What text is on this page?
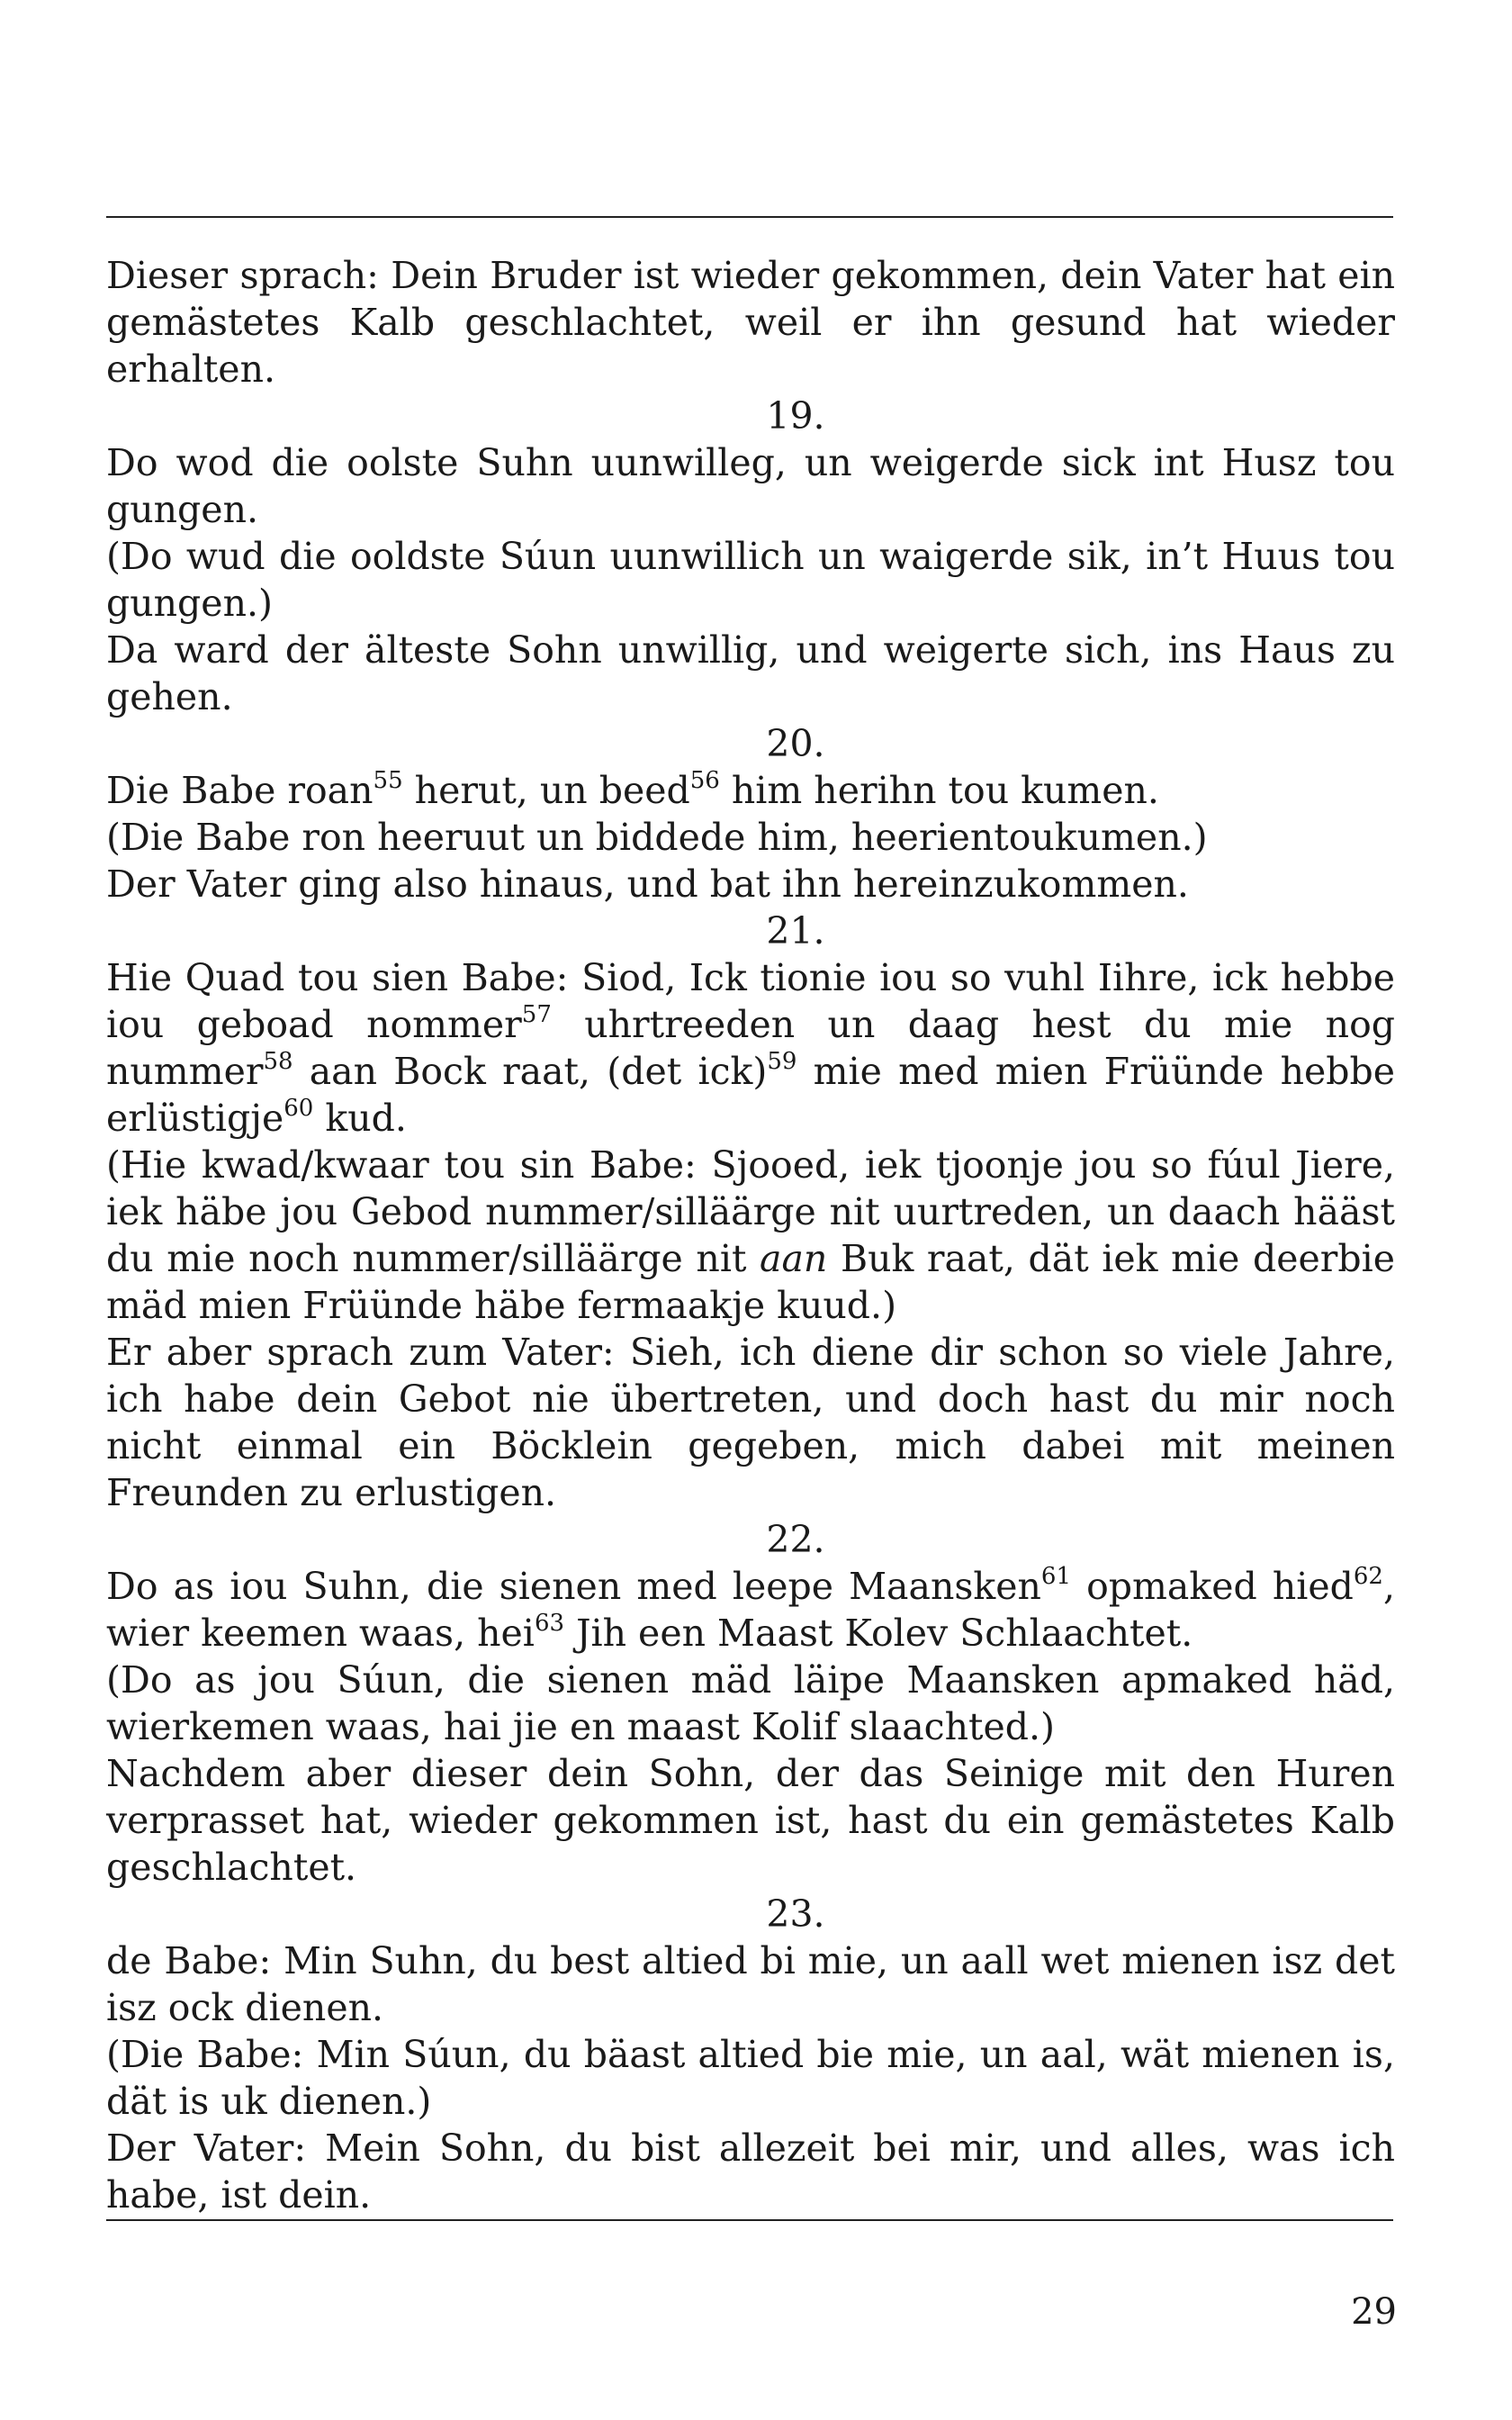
Dieser sprach: Dein Bruder ist wieder gekommen, dein Vater hat ein gemästetes Kalb geschlachtet, weil er ihn gesund hat wieder erhalten.

19.

Do wod die oolste Suhn uunwilleg, un weigerde sick int Husz tou gungen.

(Do wud die ooldste Súun uunwillich un waigerde sik, in’t Huus tou gungen.)

Da ward der älteste Sohn unwillig, und weigerte sich, ins Haus zu gehen.

20.

Die Babe roan$^{55}$ herut, un beed$^{56}$ him herihn tou kumen.

(Die Babe ron heeruut un biddede him, heerientoukumen.)

Der Vater ging also hinaus, und bat ihn hereinzukommen.

21.

Hie Quad tou sien Babe: Siod, Ick tionie iou so vuhl Iihre, ick hebbe iou geboad nommer$^{57}$ uhrtreeden un daag hest du mie nog nummer$^{58}$ aan Bock raat, (det ick)$^{59}$ mie med mien Früünde hebbe erlüstigje$^{60}$ kud.

(Hie kwad/kwaar tou sin Babe: Sjooed, iek tjoonje jou so fúul Jiere, iek häbe jou Gebod nummer/silläärge nit uurtreden, un daach hääst du mie noch nummer/silläärge nit aan Buk raat, dät iek mie deerbie mäd mien Früünde häbe fermaakje kuud.)

Er aber sprach zum Vater: Sieh, ich diene dir schon so viele Jahre, ich habe dein Gebot nie übertreten, und doch hast du mir noch nicht einmal ein Böcklein gegeben, mich dabei mit meinen Freunden zu erlustigen.

22.

Do as iou Suhn, die sienen med leepe Maansken$^{61}$ opmaked hied$^{62}$, wier keemen waas, hei$^{63}$ Jih een Maast Kolev Schlaachtet.

(Do as jou Súun, die sienen mäd läipe Maansken apmaked häd, wierkemen waas, hai jie en maast Kolif slaachted.)

Nachdem aber dieser dein Sohn, der das Seinige mit den Huren verprasset hat, wieder gekommen ist, hast du ein gemästetes Kalb geschlachtet.

23.

de Babe: Min Suhn, du best altied bi mie, un aall wet mienen isz det isz ock dienen.

(Die Babe: Min Súun, du bäast altied bie mie, un aal, wät mienen is, dät is uk dienen.)

Der Vater: Mein Sohn, du bist allezeit bei mir, und alles, was ich habe, ist dein.

29
